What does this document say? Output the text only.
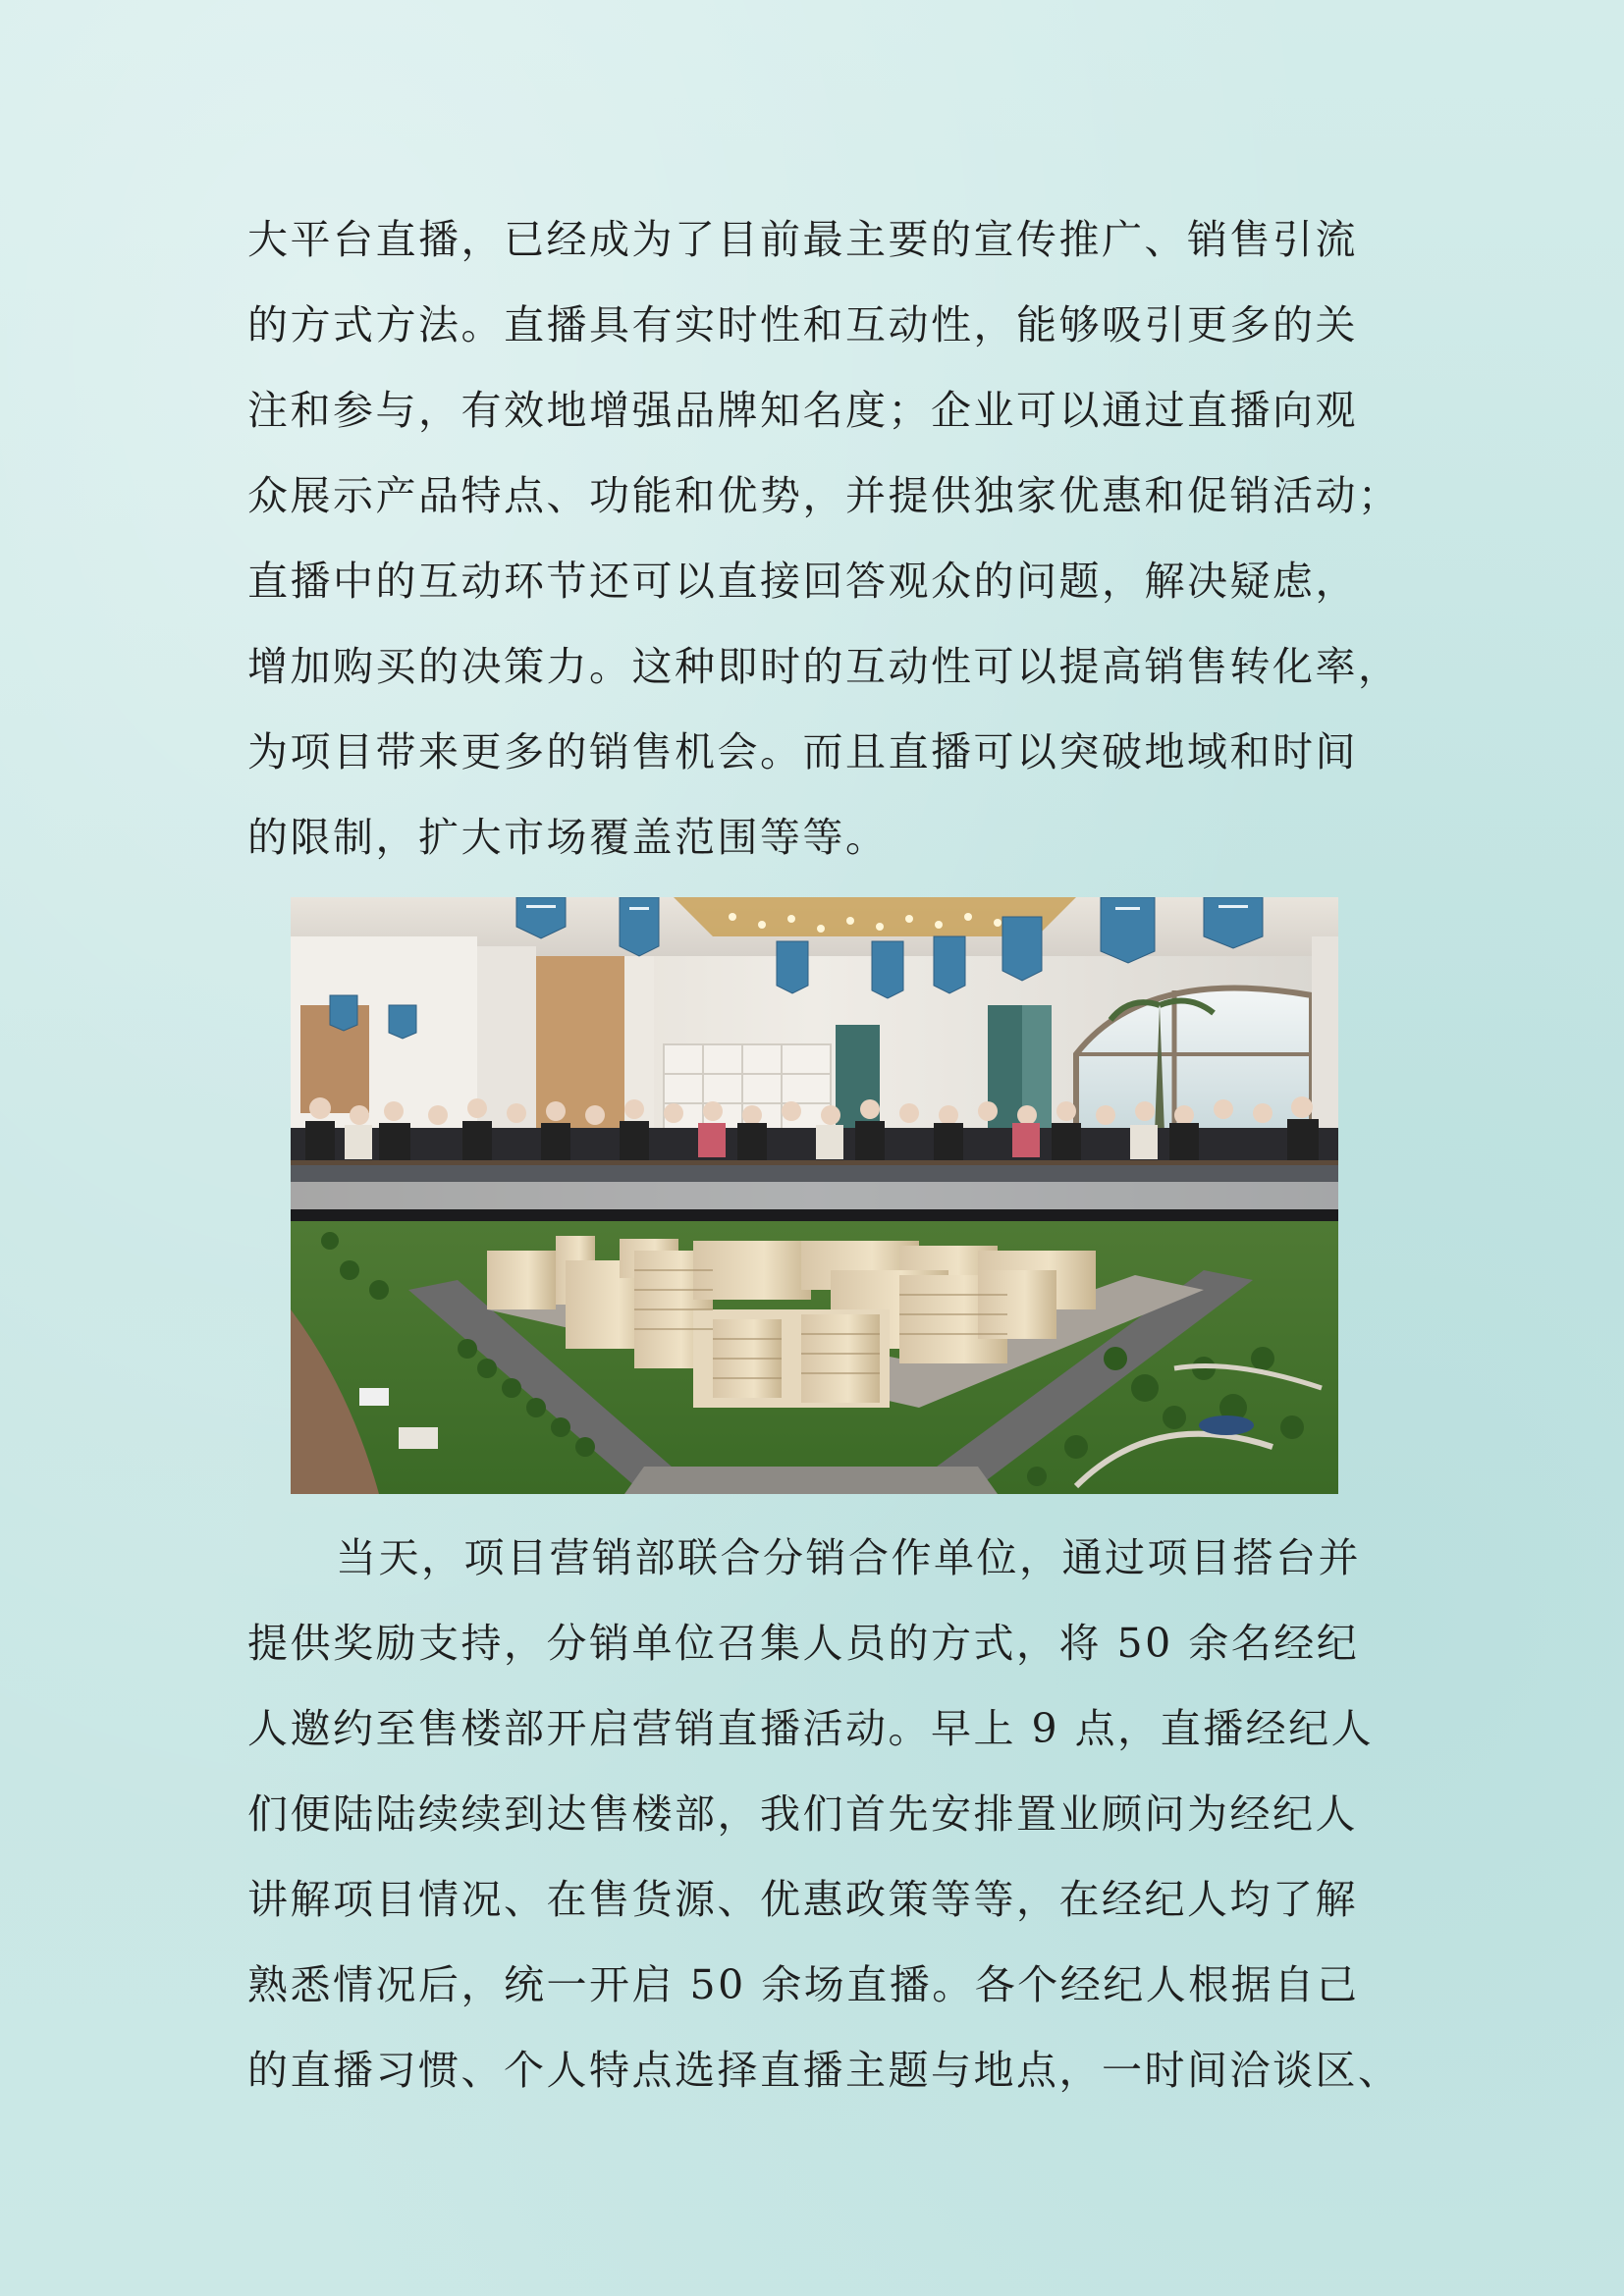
大平台直播，已经成为了目前最主要的宣传推广、销售引流
的方式方法。直播具有实时性和互动性，能够吸引更多的关
注和参与，有效地增强品牌知名度；企业可以通过直播向观
众展示产品特点、功能和优势，并提供独家优惠和促销活动；
直播中的互动环节还可以直接回答观众的问题，解决疑虑，
增加购买的决策力。这种即时的互动性可以提高销售转化率，
为项目带来更多的销售机会。而且直播可以突破地域和时间
的限制，扩大市场覆盖范围等等。
当天，项目营销部联合分销合作单位，通过项目搭台并
提供奖励支持，分销单位召集人员的方式，将 50 余名经纪
人邀约至售楼部开启营销直播活动。早上 9 点，直播经纪人
们便陆陆续续到达售楼部，我们首先安排置业顾问为经纪人
讲解项目情况、在售货源、优惠政策等等，在经纪人均了解
熟悉情况后，统一开启 50 余场直播。各个经纪人根据自己
的直播习惯、个人特点选择直播主题与地点，一时间洽谈区、
